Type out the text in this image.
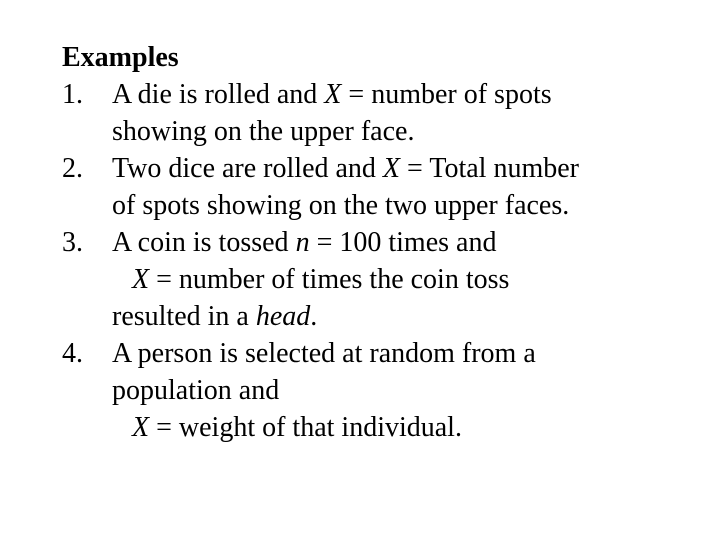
Examples
1.	A die is rolled and X = number of spots
showing on the upper face.
2.	Two dice are rolled and X = Total number
of spots showing on the two upper faces.
3.	A coin is tossed n = 100 times and
X = number of times the coin toss
resulted in a head.
4.	A person is selected at random from a
population and
X = weight of that individual.
